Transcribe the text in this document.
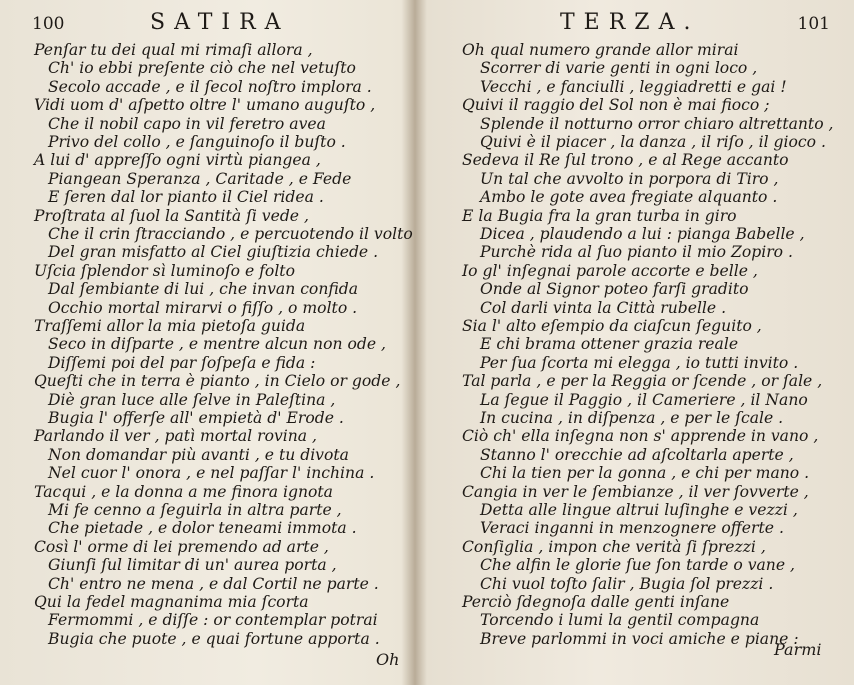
100	SATIRA
Penſar tu dei qual mi rimaſi allora ,
Ch' io ebbi preſente ciò che nel vetuſto
Secolo accade , e il ſecol noſtro implora .
Vidi uom d' aſpetto oltre l' umano auguſto ,
Che il nobil capo in vil feretro avea
Privo del collo , e ſanguinoſo il buſto .
A lui d' appreſſo ogni virtù piangea ,
Piangean Speranza , Caritade , e Fede
E ſeren dal lor pianto il Ciel ridea .
Proſtrata al ſuol la Santità ſi vede ,
Che il crin ſtracciando , e percuotendo il volto
Del gran misfatto al Ciel giuſtizia chiede .
Uſcia ſplendor sì luminoſo e folto
Dal ſembiante di lui , che invan confida
Occhio mortal mirarvi o fiſſo , o molto .
Traſſemi allor la mia pietoſa guida
Seco in diſparte , e mentre alcun non ode ,
Diſſemi poi del par ſoſpeſa e fida :
Queſti che in terra è pianto , in Cielo or gode ,
Diè gran luce alle ſelve in Paleſtina ,
Bugia l' offerſe all' empietà d' Erode .
Parlando il ver , patì mortal rovina ,
Non domandar più avanti , e tu divota
Nel cuor l' onora , e nel paſſar l' inchina .
Tacqui , e la donna a me finora ignota
Mi fe cenno a ſeguirla in altra parte ,
Che pietade , e dolor teneami immota .
Così l' orme di lei premendo ad arte ,
Giunſi ſul limitar di un' aurea porta ,
Ch' entro ne mena , e dal Cortil ne parte .
Qui la fedel magnanima mia ſcorta
Fermommi , e diſſe : or contemplar potrai
Bugia che puote , e quai fortune apporta .
Oh
101
TERZA.
Oh qual numero grande allor mirai
Scorrer di varie genti in ogni loco ,
Vecchi , e fanciulli , leggiadretti e gai !
Quivi il raggio del Sol non è mai fioco ;
Splende il notturno orror chiaro altrettanto ,
Quivi è il piacer , la danza , il riſo , il gioco .
Sedeva il Re ſul trono , e al Rege accanto
Un tal che avvolto in porpora di Tiro ,
Ambo le gote avea fregiate alquanto .
E la Bugia fra la gran turba in giro
Dicea , plaudendo a lui : pianga Babelle ,
Purchè rida al ſuo pianto il mio Zopiro .
Io gl' inſegnai parole accorte e belle ,
Onde al Signor poteo farſi gradito
Col darli vinta la Città rubelle .
Sia l' alto eſempio da ciaſcun ſeguito ,
E chi brama ottener grazia reale
Per ſua ſcorta mi elegga , io tutti invito .
Tal parla , e per la Reggia or ſcende , or ſale ,
La ſegue il Paggio , il Cameriere , il Nano
In cucina , in diſpenza , e per le ſcale .
Ciò ch' ella inſegna non s' apprende in vano ,
Stanno l' orecchie ad aſcoltarla aperte ,
Chi la tien per la gonna , e chi per mano .
Cangia in ver le ſembianze , il ver ſovverte ,
Detta alle lingue altrui luſinghe e vezzi ,
Veraci inganni in menzognere offerte .
Conſiglia , impon che verità ſi ſprezzi ,
Che alfin le glorie ſue ſon tarde o vane ,
Chi vuol toſto ſalir , Bugia ſol prezzi .
Perciò ſdegnoſa dalle genti inſane
Torcendo i lumi la gentil compagna
Breve parlommi in voci amiche e piane :
Parmi
